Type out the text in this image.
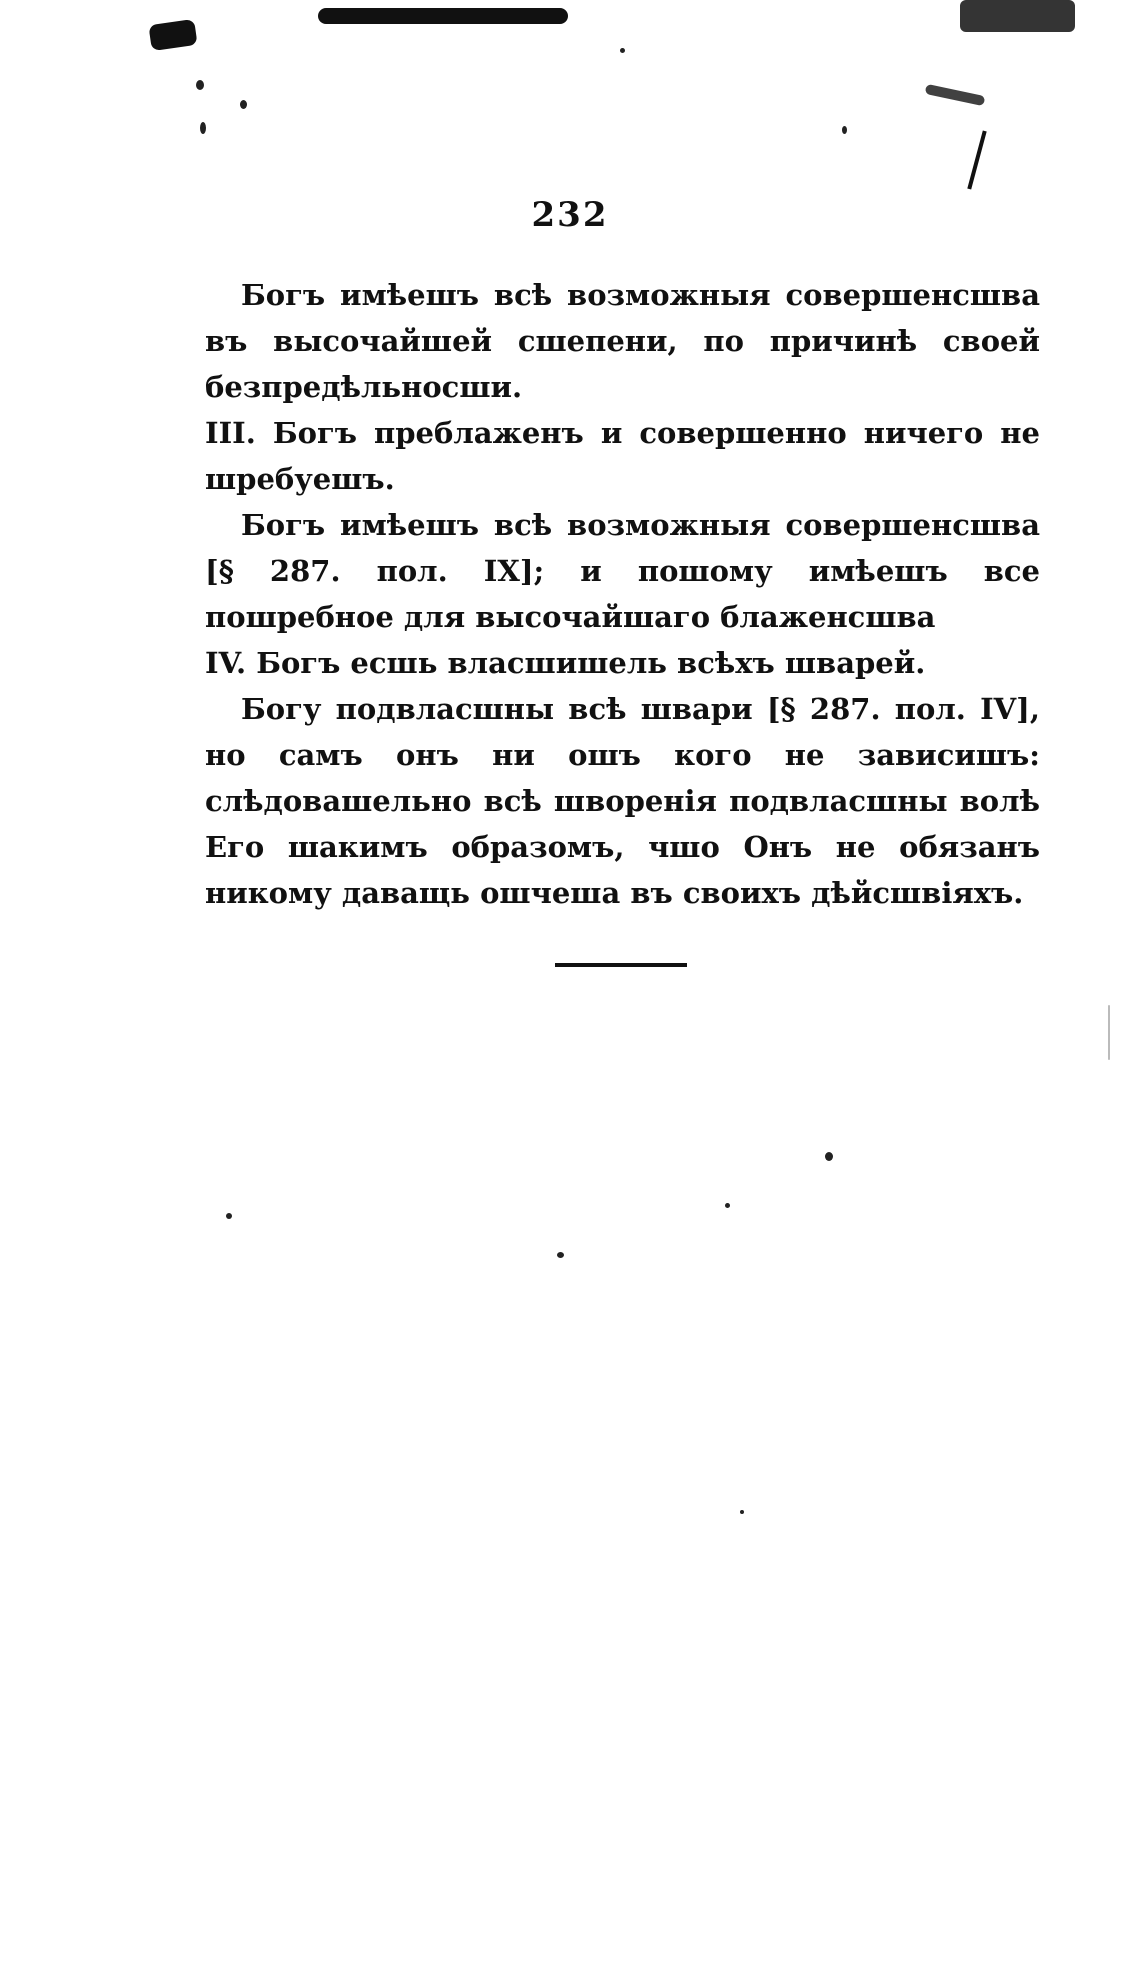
232

Богъ имѣешъ всѣ возможныя совершенсшва въ высочайшей сшепени, по причинѣ своей безпредѣльносши.

III. Богъ преблаженъ и совершенно ничего не шребуешъ.

Богъ имѣешъ всѣ возможныя совершенсшва [§ 287. пол. IX]; и пошому имѣешъ все пошребное для высочайшаго блаженсшва

IV. Богъ есшь власшишель всѣхъ шварей.

Богу подвласшны всѣ швари [§ 287. пол. IV], но самъ онъ ни ошъ кого не зависишъ: слѣдовашельно всѣ шворенія подвласшны волѣ Его шакимъ образомъ, чшо Онъ не обязанъ никому даващь ошчеша въ своихъ дѣйсшвіяхъ.
